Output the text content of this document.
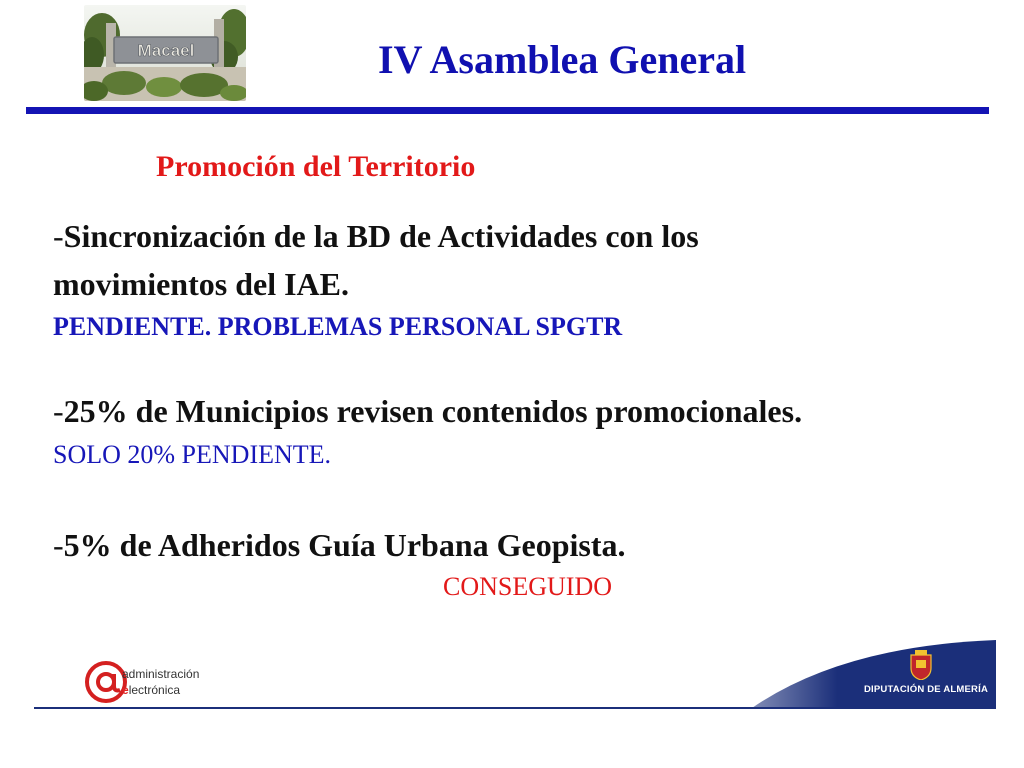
Macael	IV Asamblea General
Promoción del Territorio
-Sincronización de la BD de Actividades con los
movimientos del IAE.
PENDIENTE. PROBLEMAS PERSONAL SPGTR
-25% de Municipios revisen contenidos promocionales.
SOLO 20% PENDIENTE.
-5% de Adheridos Guía Urbana Geopista.
CONSEGUIDO
administración
electrónica	DIPUTACIÓN DE ALMERÍA
